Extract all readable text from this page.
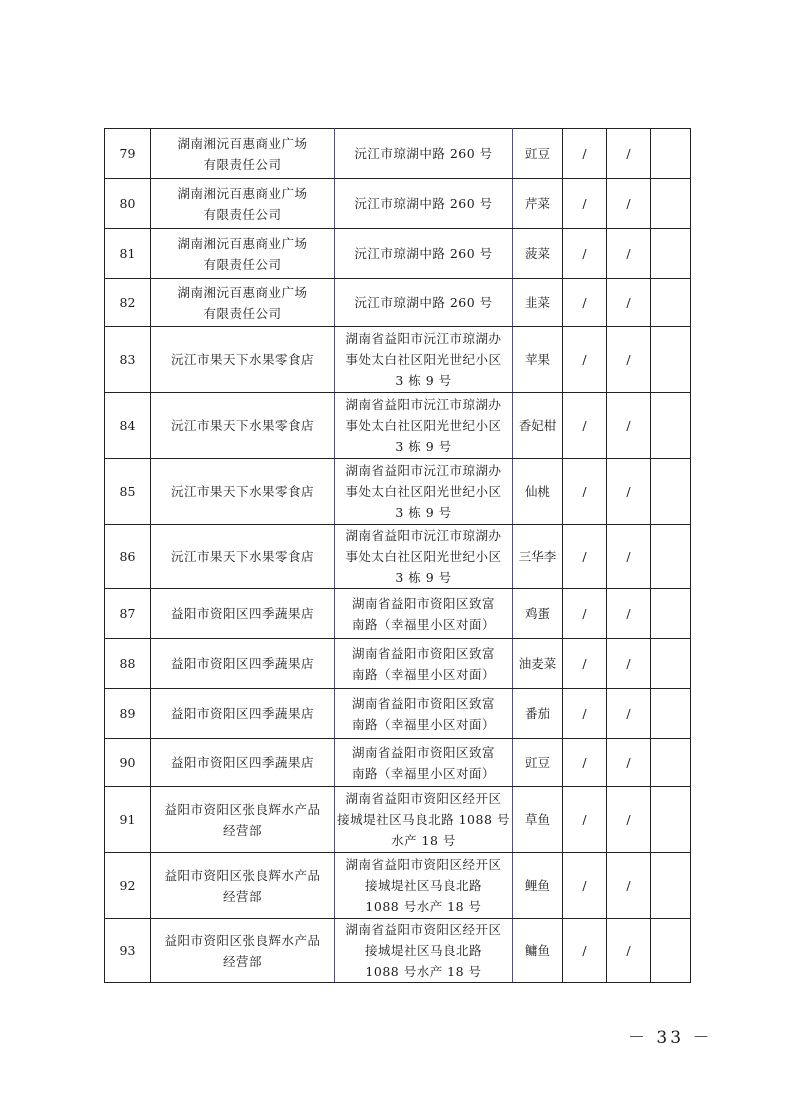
79	湖南湘沅百惠商业广场
有限责任公司	沅江市琼湖中路 260 号	豇豆	/	/	
80	湖南湘沅百惠商业广场
有限责任公司	沅江市琼湖中路 260 号	芹菜	/	/	
81	湖南湘沅百惠商业广场
有限责任公司	沅江市琼湖中路 260 号	菠菜	/	/	
82	湖南湘沅百惠商业广场
有限责任公司	沅江市琼湖中路 260 号	韭菜	/	/	
83	沅江市果天下水果零食店	湖南省益阳市沅江市琼湖办
事处太白社区阳光世纪小区
3 栋 9 号	苹果	/	/	
84	沅江市果天下水果零食店	湖南省益阳市沅江市琼湖办
事处太白社区阳光世纪小区
3 栋 9 号	香妃柑	/	/	
85	沅江市果天下水果零食店	湖南省益阳市沅江市琼湖办
事处太白社区阳光世纪小区
3 栋 9 号	仙桃	/	/	
86	沅江市果天下水果零食店	湖南省益阳市沅江市琼湖办
事处太白社区阳光世纪小区
3 栋 9 号	三华李	/	/	
87	益阳市资阳区四季蔬果店	湖南省益阳市资阳区致富
南路（幸福里小区对面）	鸡蛋	/	/	
88	益阳市资阳区四季蔬果店	湖南省益阳市资阳区致富
南路（幸福里小区对面）	油麦菜	/	/	
89	益阳市资阳区四季蔬果店	湖南省益阳市资阳区致富
南路（幸福里小区对面）	番茄	/	/	
90	益阳市资阳区四季蔬果店	湖南省益阳市资阳区致富
南路（幸福里小区对面）	豇豆	/	/	
91	益阳市资阳区张良辉水产品
经营部	湖南省益阳市资阳区经开区
接城堤社区马良北路 1088 号
水产 18 号	草鱼	/	/	
92	益阳市资阳区张良辉水产品
经营部	湖南省益阳市资阳区经开区
接城堤社区马良北路
1088 号水产 18 号	鲤鱼	/	/	
93	益阳市资阳区张良辉水产品
经营部	湖南省益阳市资阳区经开区
接城堤社区马良北路
1088 号水产 18 号	鳙鱼	/	/	
－ 33 －
